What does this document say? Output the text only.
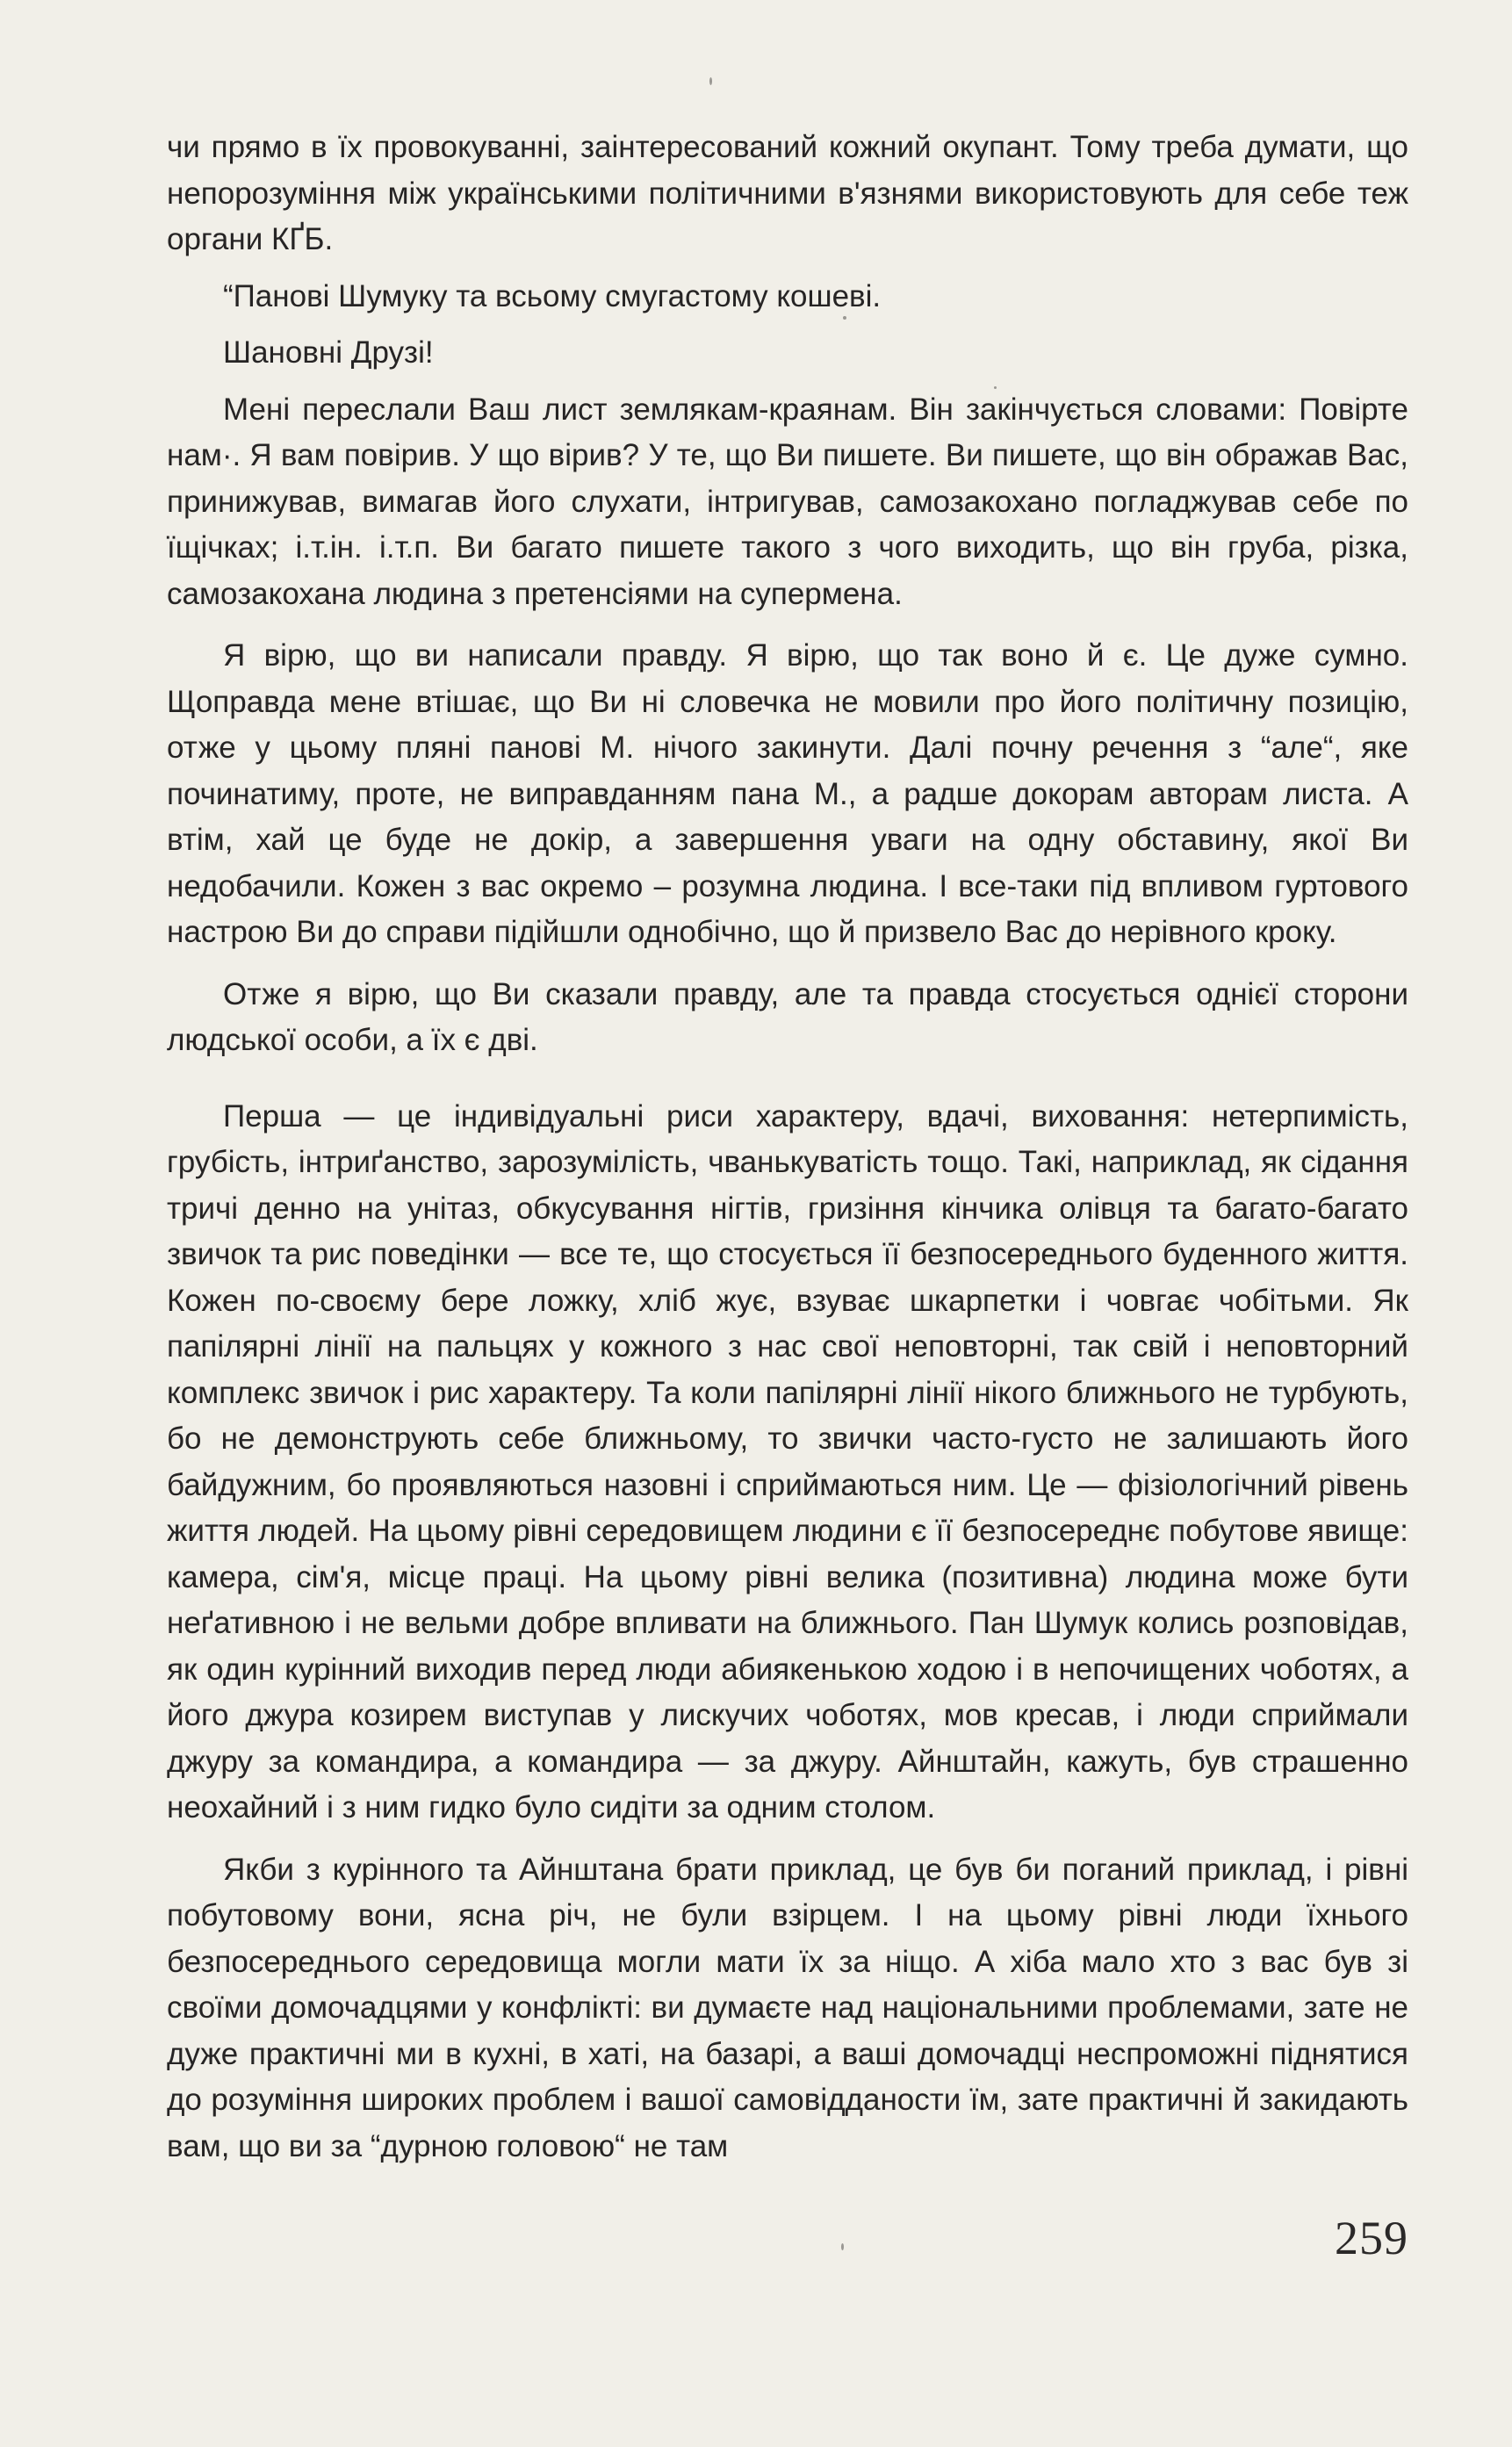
чи прямо в їх провокуванні, заінтересований кожний окупант. Тому треба думати, що непорозуміння між українськими політичними в'язнями використовують для себе теж органи КҐБ.

“Панові Шумуку та всьому смугастому кошеві.

Шановні Друзі!

Мені переслали Ваш лист землякам-краянам. Він закінчується словами: Повірте нам·. Я вам повірив. У що вірив? У те, що Ви пишете. Ви пишете, що він ображав Вас, принижував, вимагав його слухати, інтригував, самозакохано погладжував себе по їщічках; і.т.ін. і.т.п. Ви багато пишете такого з чого виходить, що він груба, різка, самозакохана людина з претенсіями на супермена.

Я вірю, що ви написали правду. Я вірю, що так воно й є. Це дуже сумно. Щоправда мене втішає, що Ви ні словечка не мовили про його політичну позицію, отже у цьому пляні панові М. нічого закинути. Далі почну речення з “але“, яке починатиму, проте, не виправданням пана М., а радше докорам авторам листа. А втім, хай це буде не докір, а завершення уваги на одну обставину, якої Ви недобачили. Кожен з вас окремо – розумна людина. І все-таки під впливом гуртового настрою Ви до справи підійшли однобічно, що й призвело Вас до нерівного кроку.

Отже я вірю, що Ви сказали правду, але та правда стосується однієї сторони людської особи, а їх є дві.

Перша — це індивідуальні риси характеру, вдачі, виховання: нетерпимість, грубість, інтриґанство, зарозумілість, чванькуватість тощо. Такі, наприклад, як сідання тричі денно на унітаз, обкусування нігтів, гризіння кінчика олівця та багато-багато звичок та рис поведінки — все те, що стосується її безпосереднього буденного життя. Кожен по-своєму бере ложку, хліб жує, взуває шкарпетки і човгає чобітьми. Як папілярні лінії на пальцях у кожного з нас свої неповторні, так свій і неповторний комплекс звичок і рис характеру. Та коли папілярні лінії нікого ближнього не турбують, бо не демонструють себе ближньому, то звички часто-густо не залишають його байдужним, бо проявляються назовні і сприймаються ним. Це — фізіологічний рівень життя людей. На цьому рівні середовищем людини є її безпосереднє побутове явище: камера, сім'я, місце праці. На цьому рівні велика (позитивна) людина може бути неґативною і не вельми добре впливати на ближнього. Пан Шумук колись розповідав, як один курінний виходив перед люди абиякенькою ходою і в непочищених чоботях, а його джура козирем виступав у лискучих чоботях, мов кресав, і люди сприймали джуру за командира, а командира — за джуру. Айнштайн, кажуть, був страшенно неохайний і з ним гидко було сидіти за одним столом.

Якби з курінного та Айнштана брати приклад, це був би поганий приклад, і рівні побутовому вони, ясна річ, не були взірцем. І на цьому рівні люди їхнього безпосереднього середовища могли мати їх за ніщо. А хіба мало хто з вас був зі своїми домочадцями у конфлікті: ви думаєте над національними проблемами, зате не дуже практичні ми в кухні, в хаті, на базарі, а ваші домочадці неспроможні піднятися до розуміння широких проблем і вашої самовідданости їм, зате практичні й закидають вам, що ви за “дурною головою“ не там

259
